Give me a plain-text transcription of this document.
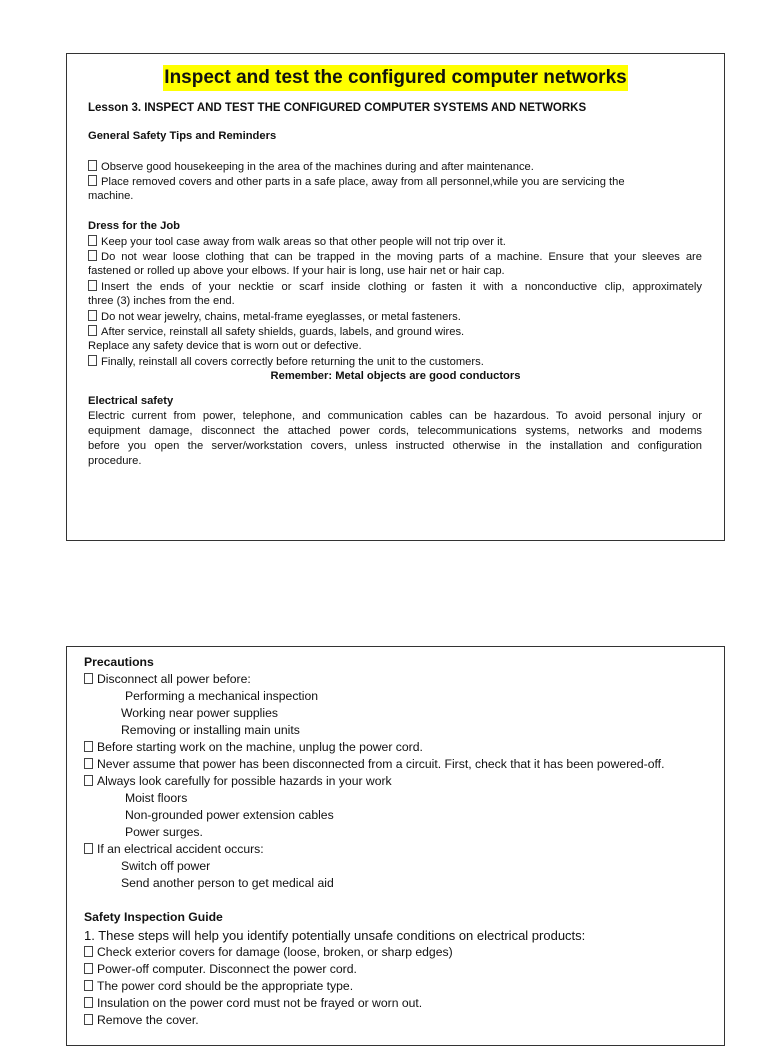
Inspect and test the configured computer networks
Lesson 3. INSPECT AND TEST THE CONFIGURED COMPUTER SYSTEMS AND NETWORKS
General Safety Tips and Reminders
Observe good housekeeping in the area of the machines during and after maintenance.
Place removed covers and other parts in a safe place, away from all personnel,while you are servicing the
machine.
Dress for the Job
Keep your tool case away from walk areas so that other people will not trip over it.
Do not wear loose clothing that can be trapped in the moving parts of a machine. Ensure that your sleeves are
fastened or rolled up above your elbows. If your hair is long, use hair net or hair cap.
Insert the ends of your necktie or scarf inside clothing or fasten it with a nonconductive clip, approximately
three (3) inches from the end.
Do not wear jewelry, chains, metal-frame eyeglasses, or metal fasteners.
After service, reinstall all safety shields, guards, labels, and ground wires.
Replace any safety device that is worn out or defective.
Finally, reinstall all covers correctly before returning the unit to the customers.
Remember: Metal objects are good conductors
Electrical safety
Electric current from power, telephone, and communication cables can be hazardous. To avoid personal injury or
equipment damage, disconnect the attached power cords, telecommunications systems, networks and modems
before you open the server/workstation covers, unless instructed otherwise in the installation and configuration
procedure.
Precautions
Disconnect all power before:
Performing a mechanical inspection
Working near power supplies
Removing or installing main units
Before starting work on the machine, unplug the power cord.
Never assume that power has been disconnected from a circuit. First, check that it has been powered-off.
Always look carefully for possible hazards in your work
Moist floors
Non-grounded power extension cables
Power surges.
If an electrical accident occurs:
Switch off power
Send another person to get medical aid
Safety Inspection Guide
1. These steps will help you identify potentially unsafe conditions on electrical products:
Check exterior covers for damage (loose, broken, or sharp edges)
Power-off computer. Disconnect the power cord.
The power cord should be the appropriate type.
Insulation on the power cord must not be frayed or worn out.
Remove the cover.
